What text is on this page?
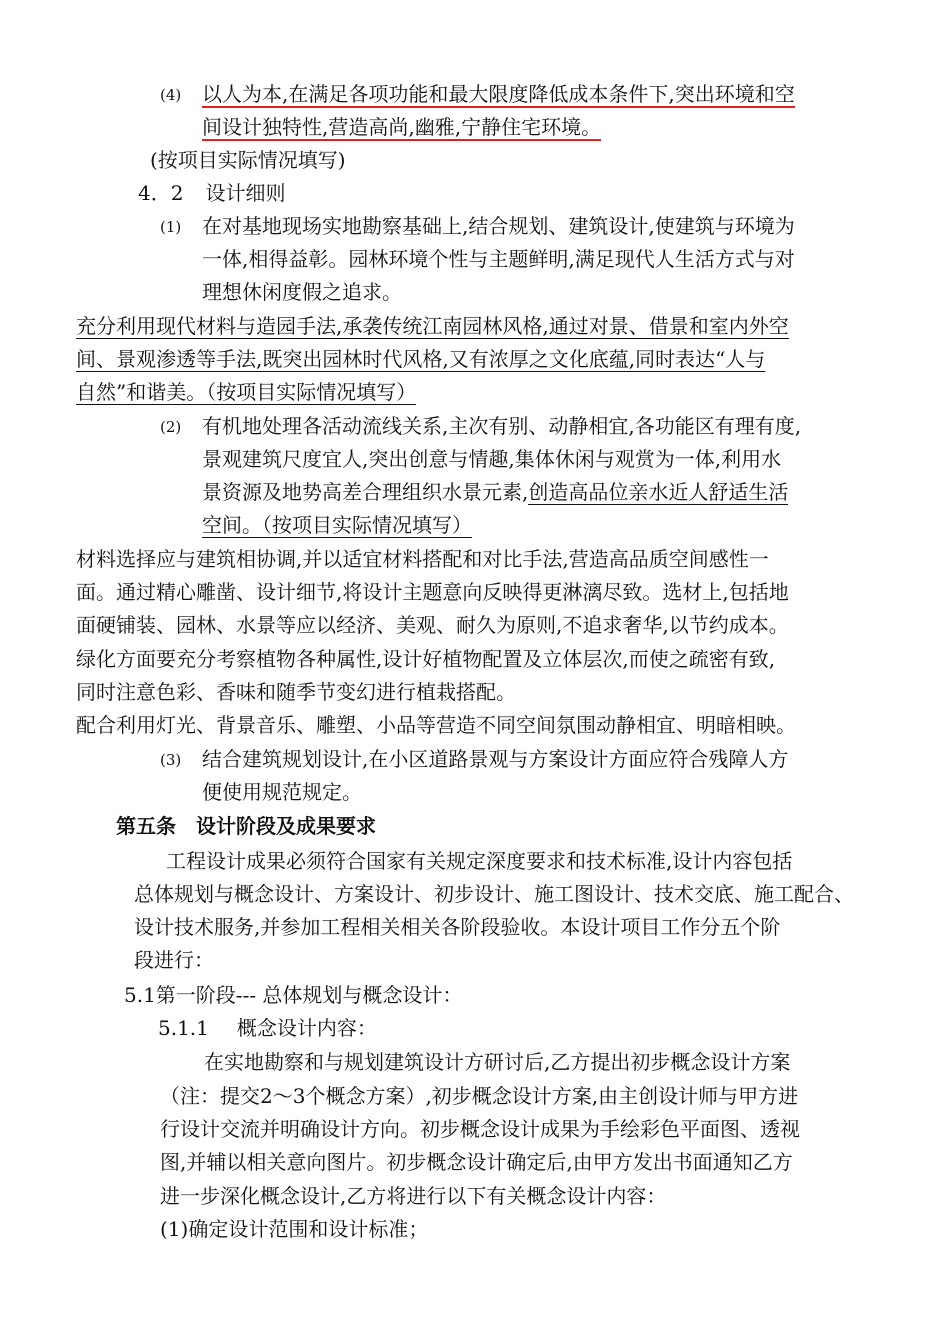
(4) 以人为本,在满足各项功能和最大限度降低成本条件下,突出环境和空
间设计独特性,营造高尚,幽雅,宁静住宅环境。
(按项目实际情况填写)
4．2 设计细则
(1) 在对基地现场实地勘察基础上,结合规划、建筑设计,使建筑与环境为
一体,相得益彰。园林环境个性与主题鲜明,满足现代人生活方式与对
理想休闲度假之追求。
充分利用现代材料与造园手法,承袭传统江南园林风格,通过对景、借景和室内外空
间、景观渗透等手法,既突出园林时代风格,又有浓厚之文化底蕴,同时表达“人与
自然”和谐美。（按项目实际情况填写）
(2) 有机地处理各活动流线关系,主次有别、动静相宜,各功能区有理有度,
景观建筑尺度宜人,突出创意与情趣,集体休闲与观赏为一体,利用水
景资源及地势高差合理组织水景元素,创造高品位亲水近人舒适生活
空间。（按项目实际情况填写）
材料选择应与建筑相协调,并以适宜材料搭配和对比手法,营造高品质空间感性一
面。通过精心雕凿、设计细节,将设计主题意向反映得更淋漓尽致。选材上,包括地
面硬铺装、园林、水景等应以经济、美观、耐久为原则,不追求奢华,以节约成本。
绿化方面要充分考察植物各种属性,设计好植物配置及立体层次,而使之疏密有致,
同时注意色彩、香味和随季节变幻进行植栽搭配。
配合利用灯光、背景音乐、雕塑、小品等营造不同空间氛围动静相宜、明暗相映。
(3) 结合建筑规划设计,在小区道路景观与方案设计方面应符合残障人方
便使用规范规定。
第五条　设计阶段及成果要求
工程设计成果必须符合国家有关规定深度要求和技术标准,设计内容包括
总体规划与概念设计、方案设计、初步设计、施工图设计、技术交底、施工配合、
设计技术服务,并参加工程相关相关各阶段验收。本设计项目工作分五个阶
段进行：
5.1第一阶段--- 总体规划与概念设计：
5.1.1 概念设计内容：
在实地勘察和与规划建筑设计方研讨后,乙方提出初步概念设计方案
（注：提交2～3个概念方案）,初步概念设计方案,由主创设计师与甲方进
行设计交流并明确设计方向。初步概念设计成果为手绘彩色平面图、透视
图,并辅以相关意向图片。初步概念设计确定后,由甲方发出书面通知乙方
进一步深化概念设计,乙方将进行以下有关概念设计内容：
(1)确定设计范围和设计标准；
